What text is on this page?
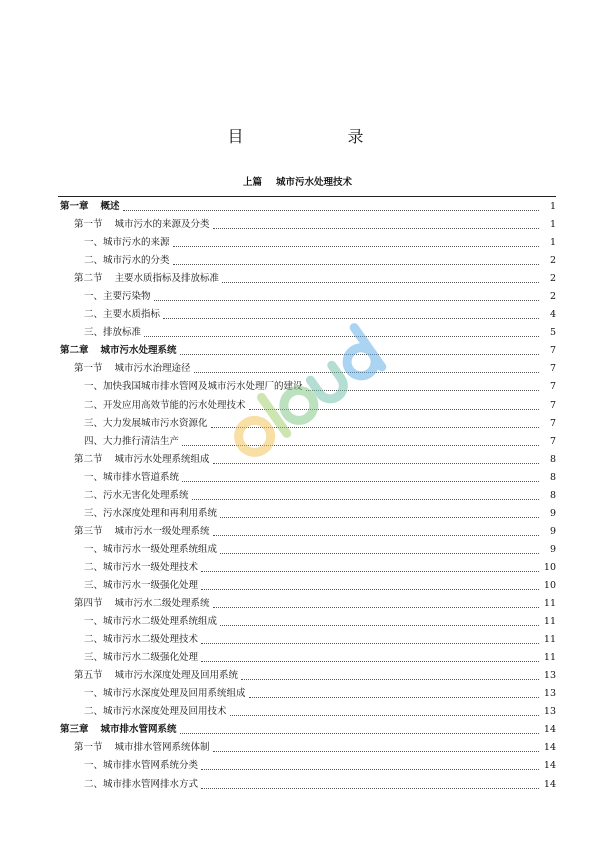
目　录
上篇 城市污水处理技术
第一章 概述	1
第一节 城市污水的来源及分类	1
一、城市污水的来源	1
二、城市污水的分类	2
第二节 主要水质指标及排放标准	2
一、主要污染物	2
二、主要水质指标	4
三、排放标准	5
第二章 城市污水处理系统	7
第一节 城市污水治理途径	7
一、加快我国城市排水管网及城市污水处理厂的建设	7
二、开发应用高效节能的污水处理技术	7
三、大力发展城市污水资源化	7
四、大力推行清洁生产	7
第二节 城市污水处理系统组成	8
一、城市排水管道系统	8
二、污水无害化处理系统	8
三、污水深度处理和再利用系统	9
第三节 城市污水一级处理系统	9
一、城市污水一级处理系统组成	9
二、城市污水一级处理技术	10
三、城市污水一级强化处理	10
第四节 城市污水二级处理系统	11
一、城市污水二级处理系统组成	11
二、城市污水二级处理技术	11
三、城市污水二级强化处理	11
第五节 城市污水深度处理及回用系统	13
一、城市污水深度处理及回用系统组成	13
二、城市污水深度处理及回用技术	13
第三章 城市排水管网系统	14
第一节 城市排水管网系统体制	14
一、城市排水管网系统分类	14
二、城市排水管网排水方式	14
